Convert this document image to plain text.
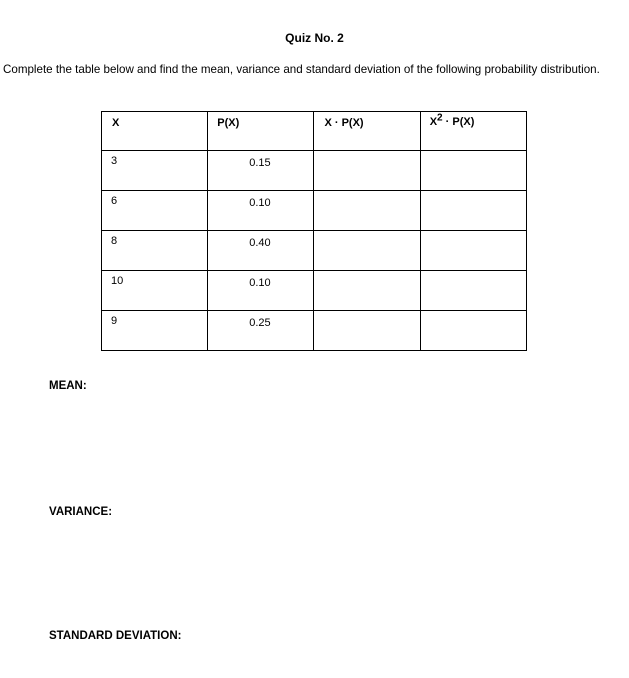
Quiz No. 2
Complete the table below and find the mean, variance and standard deviation of the following probability distribution.
X	P(X)	X · P(X)	X2 · P(X)
3	0.15		
6	0.10		
8	0.40		
10	0.10		
9	0.25		
MEAN:
VARIANCE:
STANDARD DEVIATION:
